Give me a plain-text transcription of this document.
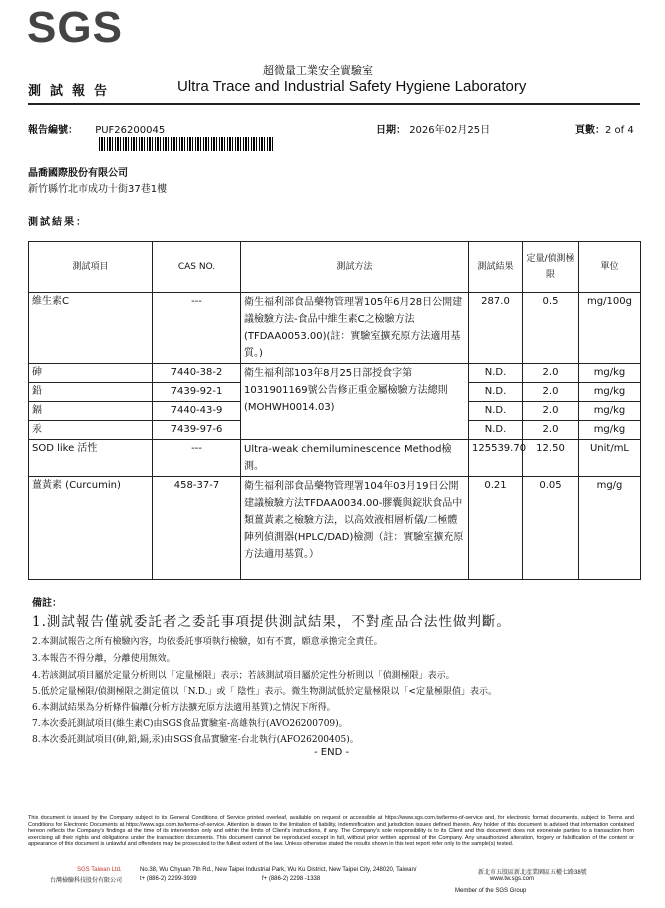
SGS
超微量工業安全實驗室
測試報告	Ultra Trace and Industrial Safety Hygiene Laboratory
報告編號： PUF26200045	日期： 2026年02月25日	頁數：2 of 4
晶喬國際股份有限公司
新竹縣竹北市成功十街37巷1樓
測試結果：
測試項目	CAS NO.	測試方法	測試結果	定量/偵測極限	單位
維生素C	---	衛生福利部食品藥物管理署105年6月28日公開建議檢驗方法-食品中維生素C之檢驗方法(TFDAA0053.00)(註：實驗室擴充原方法適用基質。)	287.0	0.5	mg/100g
砷	7440-38-2	衛生福利部103年8月25日部授食字第1031901169號公告修正重金屬檢驗方法總則(MOHWH0014.03)	N.D.	2.0	mg/kg
鉛	7439-92-1		N.D.	2.0	mg/kg
鎘	7440-43-9		N.D.	2.0	mg/kg
汞	7439-97-6		N.D.	2.0	mg/kg
SOD like 活性	---	Ultra-weak chemiluminescence Method檢測。	125539.70	12.50	Unit/mL
薑黃素 (Curcumin)	458-37-7	衛生福利部食品藥物管理署104年03月19日公開建議檢驗方法TFDAA0034.00-膠囊與錠狀食品中類薑黃素之檢驗方法，以高效液相層析儀/二極體陣列偵測器(HPLC/DAD)檢測（註：實驗室擴充原方法適用基質。）	0.21	0.05	mg/g
備註：
1.測試報告僅就委託者之委託事項提供測試結果，不對產品合法性做判斷。
2.本測試報告之所有檢驗內容，均依委託事項執行檢驗，如有不實，願意承擔完全責任。
3.本報告不得分離，分離使用無效。
4.若該測試項目屬於定量分析則以「定量極限」表示；若該測試項目屬於定性分析則以「偵測極限」表示。
5.低於定量極限/偵測極限之測定值以「N.D.」或「 陰性」表示。微生物測試低於定量極限以「<定量極限值」表示。
6.本測試結果為分析條件偏離(分析方法擴充原方法適用基質)之情況下所得。
7.本次委託測試項目(維生素C)由SGS食品實驗室-高雄執行(AVO26200709)。
8.本次委託測試項目(砷,鉛,鎘,汞)由SGS食品實驗室-台北執行(AFO26200405)。
- END -
This document is issued by the Company subject to its General Conditions of Service printed overleaf, available on request or accessible at https://www.sgs.com.tw/terms-of-service and, for electronic format documents, subject to Terms and Conditions for Electronic Documents at https://www.sgs.com.tw/terms-of-service. Attention is drawn to the limitation of liability, indemnification and jurisdiction issues defined therein. Any holder of this document is advised that information contained hereon reflects the Company's findings at the time of its intervention only and within the limits of Client's instructions, if any. The Company's sole responsibility is to its Client and this document does not exonerate parties to a transaction from exercising all their rights and obligations under the transaction documents. This document cannot be reproduced except in full, without prior written approval of the Company. Any unauthorized alteration, forgery or falsification of the content or appearance of this document is unlawful and offenders may be prosecuted to the fullest extent of the law. Unless otherwise stated the results shown in this test report refer only to the sample(s) tested.
SGS Taiwan Ltd.
台灣檢驗科技股份有限公司
No.38, Wu Chyuan 7th Rd., New Taipei Industrial Park, Wu Ku District, New Taipei City, 248020, Taiwan/	新北市五股區新北產業園區五權七路38號
t+ (886-2) 2299-3939	f+ (886-2) 2298 -1338	www.tw.sgs.com
Member of the SGS Group
